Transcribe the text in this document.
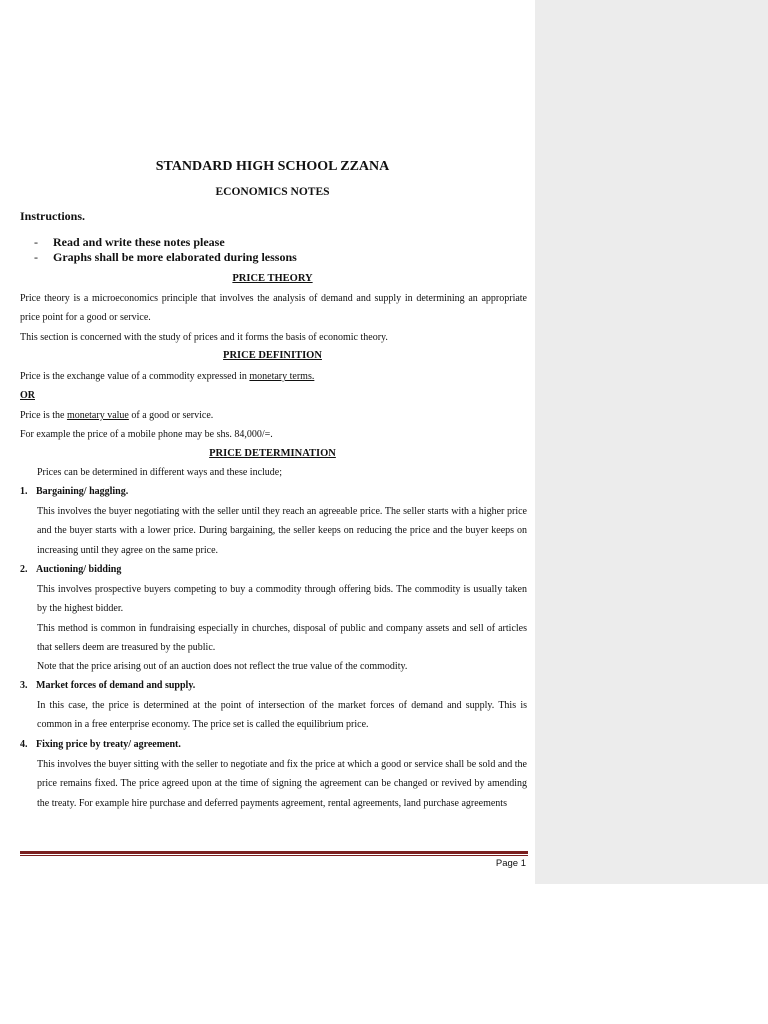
STANDARD HIGH SCHOOL ZZANA
ECONOMICS NOTES
Instructions.
- Read and write these notes please
- Graphs shall be more elaborated during lessons
PRICE THEORY

Price theory is a microeconomics principle that involves the analysis of demand and supply in determining an appropriate price point for a good or service.

This section is concerned with the study of prices and it forms the basis of economic theory.

PRICE DEFINITION

Price is the exchange value of a commodity expressed in monetary terms.

OR

Price is the monetary value of a good or service.

For example the price of a mobile phone may be shs. 84,000/=.

PRICE DETERMINATION
Prices can be determined in different ways and these include;
1. Bargaining/ haggling.

This involves the buyer negotiating with the seller until they reach an agreeable price. The seller starts with a higher price and the buyer starts with a lower price. During bargaining, the seller keeps on reducing the price and the buyer keeps on increasing until they agree on the same price.

2. Auctioning/ bidding

This involves prospective buyers competing to buy a commodity through offering bids. The commodity is usually taken by the highest bidder.

This method is common in fundraising especially in churches, disposal of public and company assets and sell of articles that sellers deem are treasured by the public.

Note that the price arising out of an auction does not reflect the true value of the commodity.

3. Market forces of demand and supply.

In this case, the price is determined at the point of intersection of the market forces of demand and supply. This is common in a free enterprise economy. The price set is called the equilibrium price.

4. Fixing price by treaty/ agreement.

This involves the buyer sitting with the seller to negotiate and fix the price at which a good or service shall be sold and the price remains fixed. The price agreed upon at the time of signing the agreement can be changed or revived by amending the treaty. For example hire purchase and deferred payments agreement, rental agreements, land purchase agreements

Page 1
